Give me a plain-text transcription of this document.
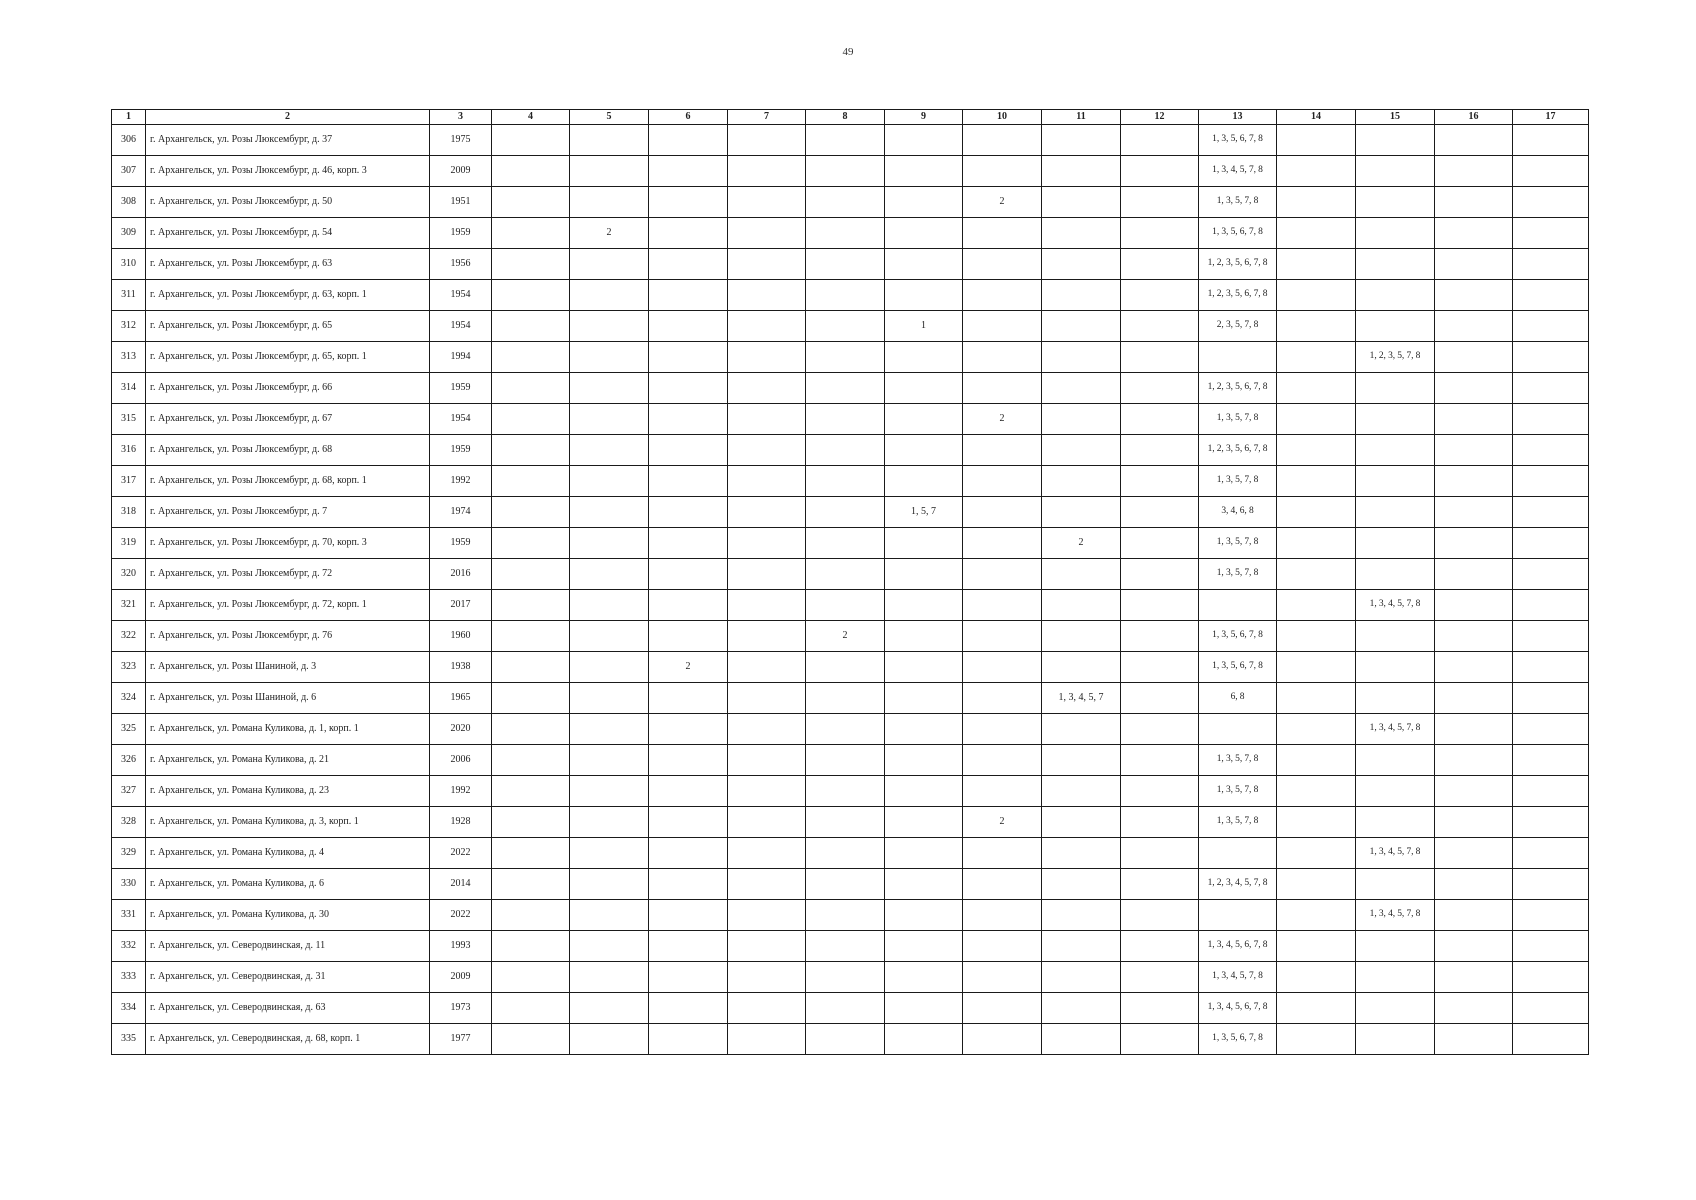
49
1	2	3	4	5	6	7	8	9	10	11	12	13	14	15	16	17
306	г. Архангельск, ул. Розы Люксембург, д. 37	1975										1, 3, 5, 6, 7, 8				
307	г. Архангельск, ул. Розы Люксембург, д. 46, корп. 3	2009										1, 3, 4, 5, 7, 8				
308	г. Архангельск, ул. Розы Люксембург, д. 50	1951							2			1, 3, 5, 7, 8				
309	г. Архангельск, ул. Розы Люксембург, д. 54	1959		2								1, 3, 5, 6, 7, 8				
310	г. Архангельск, ул. Розы Люксембург, д. 63	1956										1, 2, 3, 5, 6, 7, 8				
311	г. Архангельск, ул. Розы Люксембург, д. 63, корп. 1	1954										1, 2, 3, 5, 6, 7, 8				
312	г. Архангельск, ул. Розы Люксембург, д. 65	1954						1				2, 3, 5, 7, 8				
313	г. Архангельск, ул. Розы Люксембург, д. 65, корп. 1	1994												1, 2, 3, 5, 7, 8		
314	г. Архангельск, ул. Розы Люксембург, д. 66	1959										1, 2, 3, 5, 6, 7, 8				
315	г. Архангельск, ул. Розы Люксембург, д. 67	1954							2			1, 3, 5, 7, 8				
316	г. Архангельск, ул. Розы Люксембург, д. 68	1959										1, 2, 3, 5, 6, 7, 8				
317	г. Архангельск, ул. Розы Люксембург, д. 68, корп. 1	1992										1, 3, 5, 7, 8				
318	г. Архангельск, ул. Розы Люксембург, д. 7	1974						1, 5, 7				3, 4, 6, 8				
319	г. Архангельск, ул. Розы Люксембург, д. 70, корп. 3	1959								2		1, 3, 5, 7, 8				
320	г. Архангельск, ул. Розы Люксембург, д. 72	2016										1, 3, 5, 7, 8				
321	г. Архангельск, ул. Розы Люксембург, д. 72, корп. 1	2017												1, 3, 4, 5, 7, 8		
322	г. Архангельск, ул. Розы Люксембург, д. 76	1960					2					1, 3, 5, 6, 7, 8				
323	г. Архангельск, ул. Розы Шаниной, д. 3	1938			2							1, 3, 5, 6, 7, 8				
324	г. Архангельск, ул. Розы Шаниной, д. 6	1965								1, 3, 4, 5, 7		6, 8				
325	г. Архангельск, ул. Романа Куликова, д. 1, корп. 1	2020												1, 3, 4, 5, 7, 8		
326	г. Архангельск, ул. Романа Куликова, д. 21	2006										1, 3, 5, 7, 8				
327	г. Архангельск, ул. Романа Куликова, д. 23	1992										1, 3, 5, 7, 8				
328	г. Архангельск, ул. Романа Куликова, д. 3, корп. 1	1928							2			1, 3, 5, 7, 8				
329	г. Архангельск, ул. Романа Куликова, д. 4	2022												1, 3, 4, 5, 7, 8		
330	г. Архангельск, ул. Романа Куликова, д. 6	2014										1, 2, 3, 4, 5, 7, 8				
331	г. Архангельск, ул. Романа Куликова, д. 30	2022												1, 3, 4, 5, 7, 8		
332	г. Архангельск, ул. Северодвинская, д. 11	1993										1, 3, 4, 5, 6, 7, 8				
333	г. Архангельск, ул. Северодвинская, д. 31	2009										1, 3, 4, 5, 7, 8				
334	г. Архангельск, ул. Северодвинская, д. 63	1973										1, 3, 4, 5, 6, 7, 8				
335	г. Архангельск, ул. Северодвинская, д. 68, корп. 1	1977										1, 3, 5, 6, 7, 8				
